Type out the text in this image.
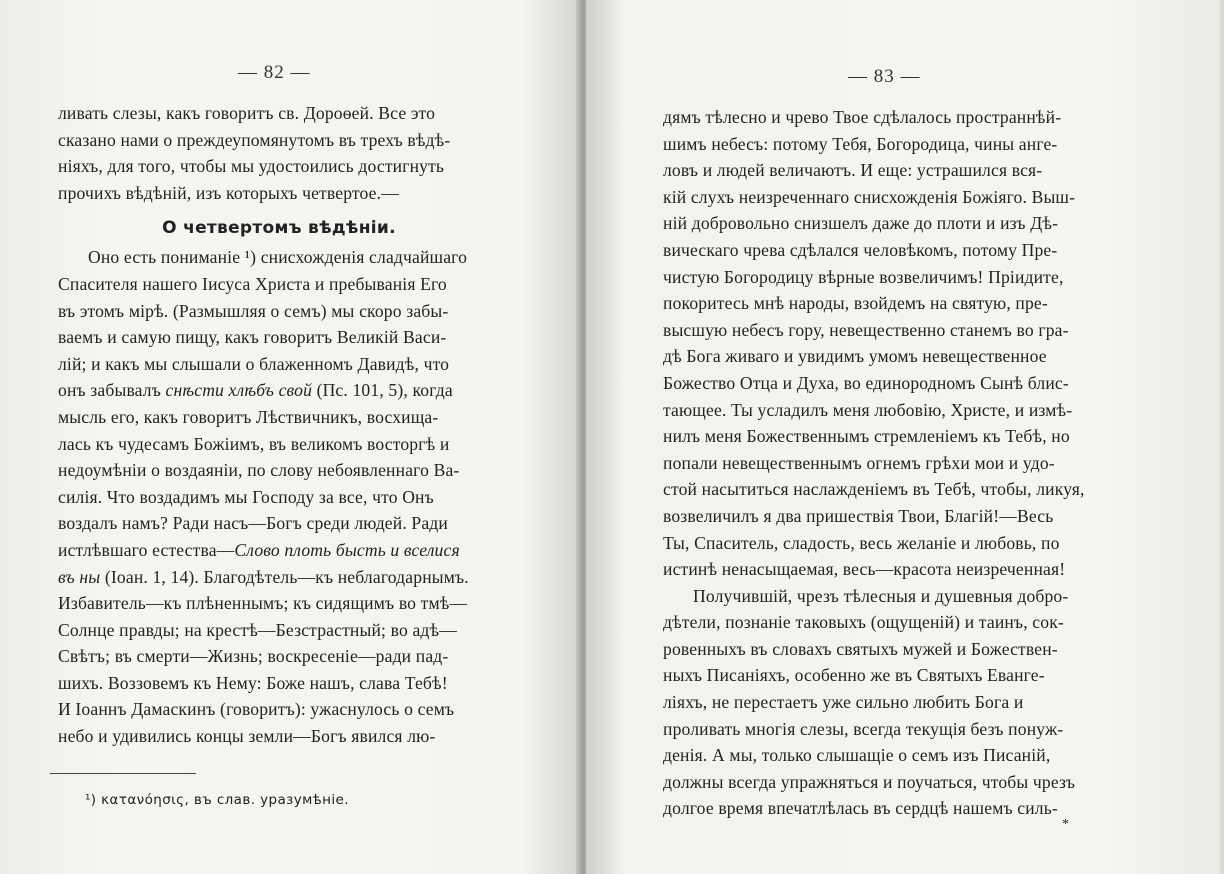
— 82 —
ливать слезы, какъ говоритъ св. Дороѳей. Все это
сказано нами о преждеупомянутомъ въ трехъ вѣдѣ-
ніяхъ, для того, чтобы мы удостоились достигнуть
прочихъ вѣдѣній, изъ которыхъ четвертое.—
О четвертомъ вѣдѣніи.
Оно есть пониманіе ¹) снисхожденія сладчайшаго
Спасителя нашего Іисуса Христа и пребыванія Его
въ этомъ мірѣ. (Размышляя о семъ) мы скоро забы-
ваемъ и самую пищу, какъ говоритъ Великій Васи-
лій; и какъ мы слышали о блаженномъ Давидѣ, что
онъ забывалъ снѣсти хлѣбъ свой (Пс. 101, 5), когда
мысль его, какъ говоритъ Лѣствичникъ, восхища-
лась къ чудесамъ Божіимъ, въ великомъ восторгѣ и
недоумѣніи о воздаяніи, по слову небоявленнаго Ва-
силія. Что воздадимъ мы Господу за все, что Онъ
воздалъ намъ? Ради насъ—Богъ среди людей. Ради
истлѣвшаго естества—Слово плоть бысть и вселися
въ ны (Іоан. 1, 14). Благодѣтель—къ неблагодарнымъ.
Избавитель—къ плѣненнымъ; къ сидящимъ во тмѣ—
Солнце правды; на крестѣ—Безстрастный; во адѣ—
Свѣтъ; въ смерти—Жизнь; воскресеніе—ради пад-
шихъ. Воззовемъ къ Нему: Боже нашъ, слава Тебѣ!
И Іоаннъ Дамаскинъ (говоритъ): ужаснулось о семъ
небо и удивились концы земли—Богъ явился лю-
¹) κατανόησις, въ слав. уразумѣніе.
— 83 —
дямъ тѣлесно и чрево Твое сдѣлалось пространнѣй-
шимъ небесъ: потому Тебя, Богородица, чины анге-
ловъ и людей величаютъ. И еще: устрашился вся-
кій слухъ неизреченнаго снисхожденія Божіяго. Выш-
ній добровольно снизшелъ даже до плоти и изъ Дѣ-
вическаго чрева сдѣлался человѣкомъ, потому Пре-
чистую Богородицу вѣрные возвеличимъ! Пріидите,
покоритесь мнѣ народы, взойдемъ на святую, пре-
высшую небесъ гору, невещественно станемъ во гра-
дѣ Бога живаго и увидимъ умомъ невещественное
Божество Отца и Духа, во единородномъ Сынѣ блис-
тающее. Ты усладилъ меня любовію, Христе, и измѣ-
нилъ меня Божественнымъ стремленіемъ къ Тебѣ, но
попали невещественнымъ огнемъ грѣхи мои и удо-
стой насытиться наслажденіемъ въ Тебѣ, чтобы, ликуя,
возвеличилъ я два пришествія Твои, Благій!—Весь
Ты, Спаситель, сладость, весь желаніе и любовь, по
истинѣ ненасыщаемая, весь—красота неизреченная!
Получившій, чрезъ тѣлесныя и душевныя добро-
дѣтели, познаніе таковыхъ (ощущеній) и таинъ, сок-
ровенныхъ въ словахъ святыхъ мужей и Божествен-
ныхъ Писаніяхъ, особенно же въ Святыхъ Еванге-
ліяхъ, не перестаетъ уже сильно любить Бога и
проливать многія слезы, всегда текущія безъ понуж-
денія. А мы, только слышащіе о семъ изъ Писаній,
должны всегда упражняться и поучаться, чтобы чрезъ
долгое время впечатлѣлась въ сердцѣ нашемъ силь-
*
